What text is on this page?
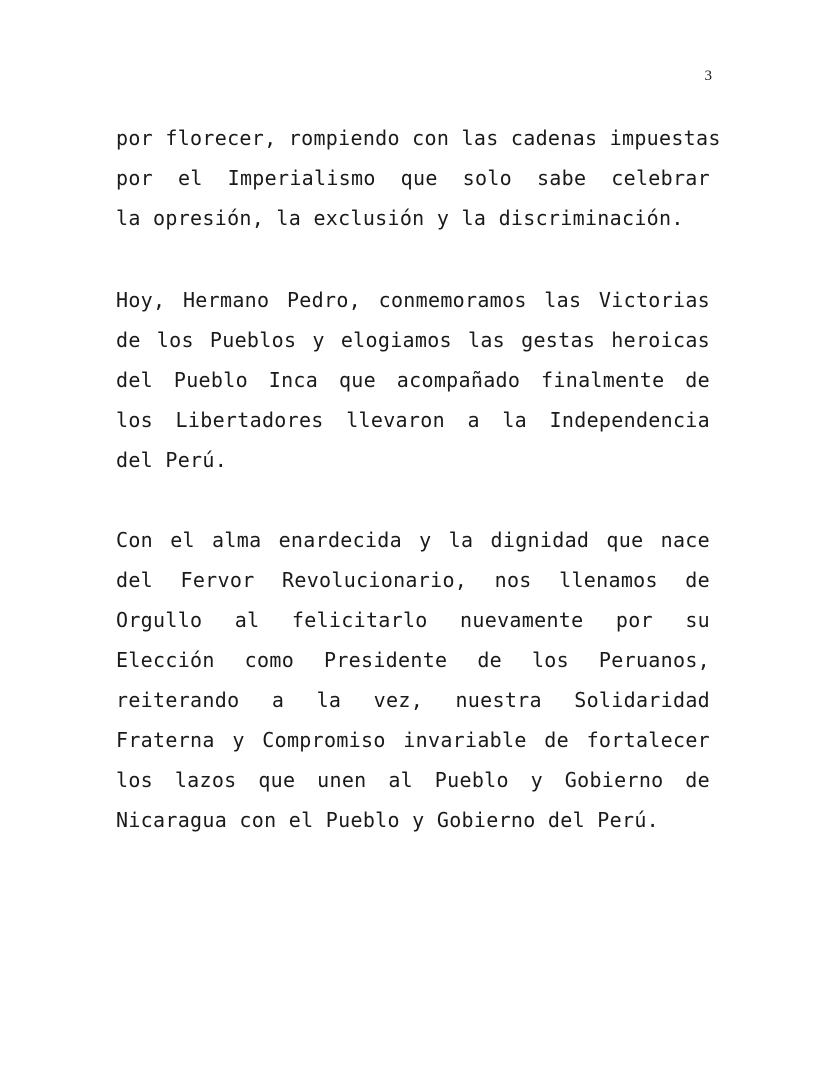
3
por florecer, rompiendo con las cadenas impuestas
por el Imperialismo que solo sabe celebrar
la opresión, la exclusión y la discriminación.
Hoy, Hermano Pedro, conmemoramos las Victorias
de los Pueblos y elogiamos las gestas heroicas
del Pueblo Inca que acompañado finalmente de
los Libertadores llevaron a la Independencia
del Perú.
Con el alma enardecida y la dignidad que nace
del Fervor Revolucionario, nos llenamos de
Orgullo al felicitarlo nuevamente por su
Elección como Presidente de los Peruanos,
reiterando a la vez, nuestra Solidaridad
Fraterna y Compromiso invariable de fortalecer
los lazos que unen al Pueblo y Gobierno de
Nicaragua con el Pueblo y Gobierno del Perú.
